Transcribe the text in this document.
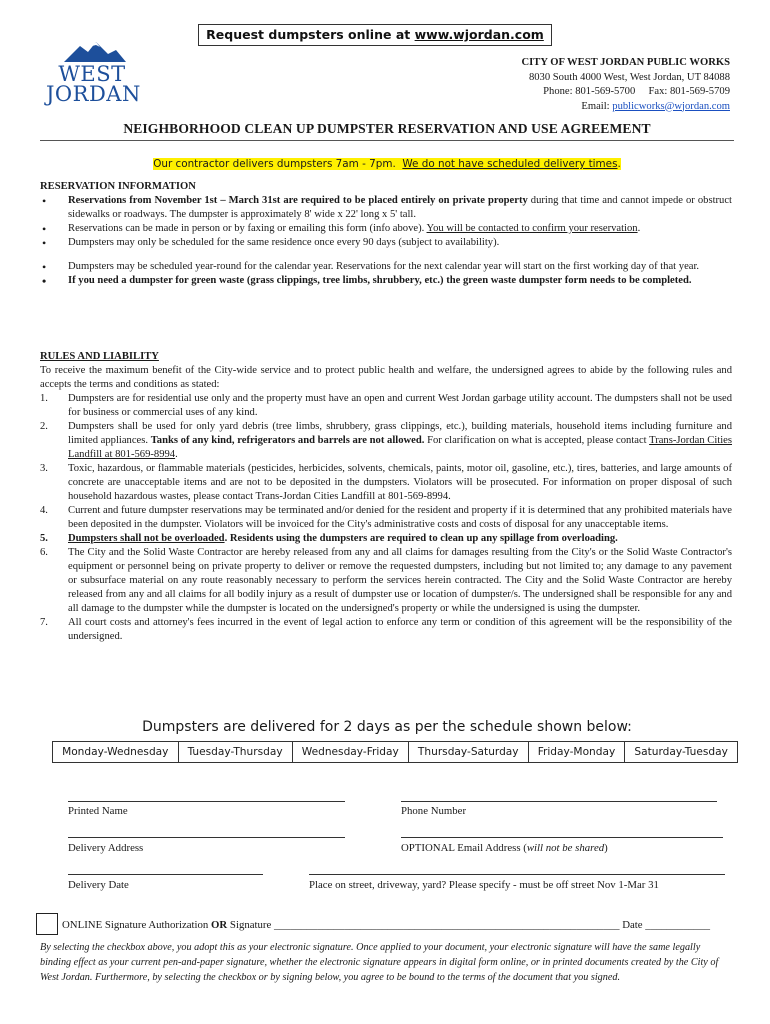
Request dumpsters online at www.wjordan.com
WEST
JORDAN
CITY OF WEST JORDAN PUBLIC WORKS
8030 South 4000 West, West Jordan, UT 84088
Phone: 801-569-5700     Fax: 801-569-5709
Email: publicworks@wjordan.com
NEIGHBORHOOD CLEAN UP DUMPSTER RESERVATION AND USE AGREEMENT
Our contractor delivers dumpsters 7am - 7pm. We do not have scheduled delivery times.
RESERVATION INFORMATION
• Reservations from November 1st – March 31st are required to be placed entirely on private property during that time and cannot impede or obstruct sidewalks or roadways. The dumpster is approximately 8' wide x 22' long x 5' tall.
• Reservations can be made in person or by faxing or emailing this form (info above). You will be contacted to confirm your reservation.
• Dumpsters may only be scheduled for the same residence once every 90 days (subject to availability).
• Dumpsters may be scheduled year-round for the calendar year. Reservations for the next calendar year will start on the first working day of that year.
• If you need a dumpster for green waste (grass clippings, tree limbs, shrubbery, etc.) the green waste dumpster form needs to be completed.
RULES AND LIABILITY
To receive the maximum benefit of the City-wide service and to protect public health and welfare, the undersigned agrees to abide by the following rules and accepts the terms and conditions as stated:
1. Dumpsters are for residential use only and the property must have an open and current West Jordan garbage utility account. The dumpsters shall not be used for business or commercial uses of any kind.
2. Dumpsters shall be used for only yard debris (tree limbs, shrubbery, grass clippings, etc.), building materials, household items including furniture and limited appliances. Tanks of any kind, refrigerators and barrels are not allowed. For clarification on what is accepted, please contact Trans-Jordan Cities Landfill at 801-569-8994.
3. Toxic, hazardous, or flammable materials (pesticides, herbicides, solvents, chemicals, paints, motor oil, gasoline, etc.), tires, batteries, and large amounts of concrete are unacceptable items and are not to be deposited in the dumpsters. Violators will be prosecuted. For information on proper disposal of such household hazardous wastes, please contact Trans-Jordan Cities Landfill at 801-569-8994.
4. Current and future dumpster reservations may be terminated and/or denied for the resident and property if it is determined that any prohibited materials have been deposited in the dumpster. Violators will be invoiced for the City's administrative costs and costs of disposal for any unacceptable items.
5. Dumpsters shall not be overloaded. Residents using the dumpsters are required to clean up any spillage from overloading.
6. The City and the Solid Waste Contractor are hereby released from any and all claims for damages resulting from the City's or the Solid Waste Contractor's equipment or personnel being on private property to deliver or remove the requested dumpsters, including but not limited to; any damage to any pavement or subsurface material on any route reasonably necessary to perform the services herein contracted. The City and the Solid Waste Contractor are hereby released from any and all claims for all bodily injury as a result of dumpster use or location of dumpster/s. The undersigned shall be responsible for any and all damage to the dumpster while the dumpster is located on the undersigned's property or while the undersigned is using the dumpster.
7. All court costs and attorney's fees incurred in the event of legal action to enforce any term or condition of this agreement will be the responsibility of the undersigned.
Dumpsters are delivered for 2 days as per the schedule shown below:
Monday-Wednesday	Tuesday-Thursday	Wednesday-Friday	Thursday-Saturday	Friday-Monday	Saturday-Tuesday
Printed Name	Phone Number
Delivery Address	OPTIONAL Email Address (will not be shared)
Delivery Date	Place on street, driveway, yard? Please specify - must be off street Nov 1-Mar 31
ONLINE Signature Authorization OR Signature ________________________________________________________________ Date ____________
By selecting the checkbox above, you adopt this as your electronic signature. Once applied to your document, your electronic signature will have the same legally binding effect as your current pen-and-paper signature, whether the electronic signature appears in digital form online, or in printed documents created by the City of West Jordan. Furthermore, by selecting the checkbox or by signing below, you agree to be bound to the terms of the document that you signed.
